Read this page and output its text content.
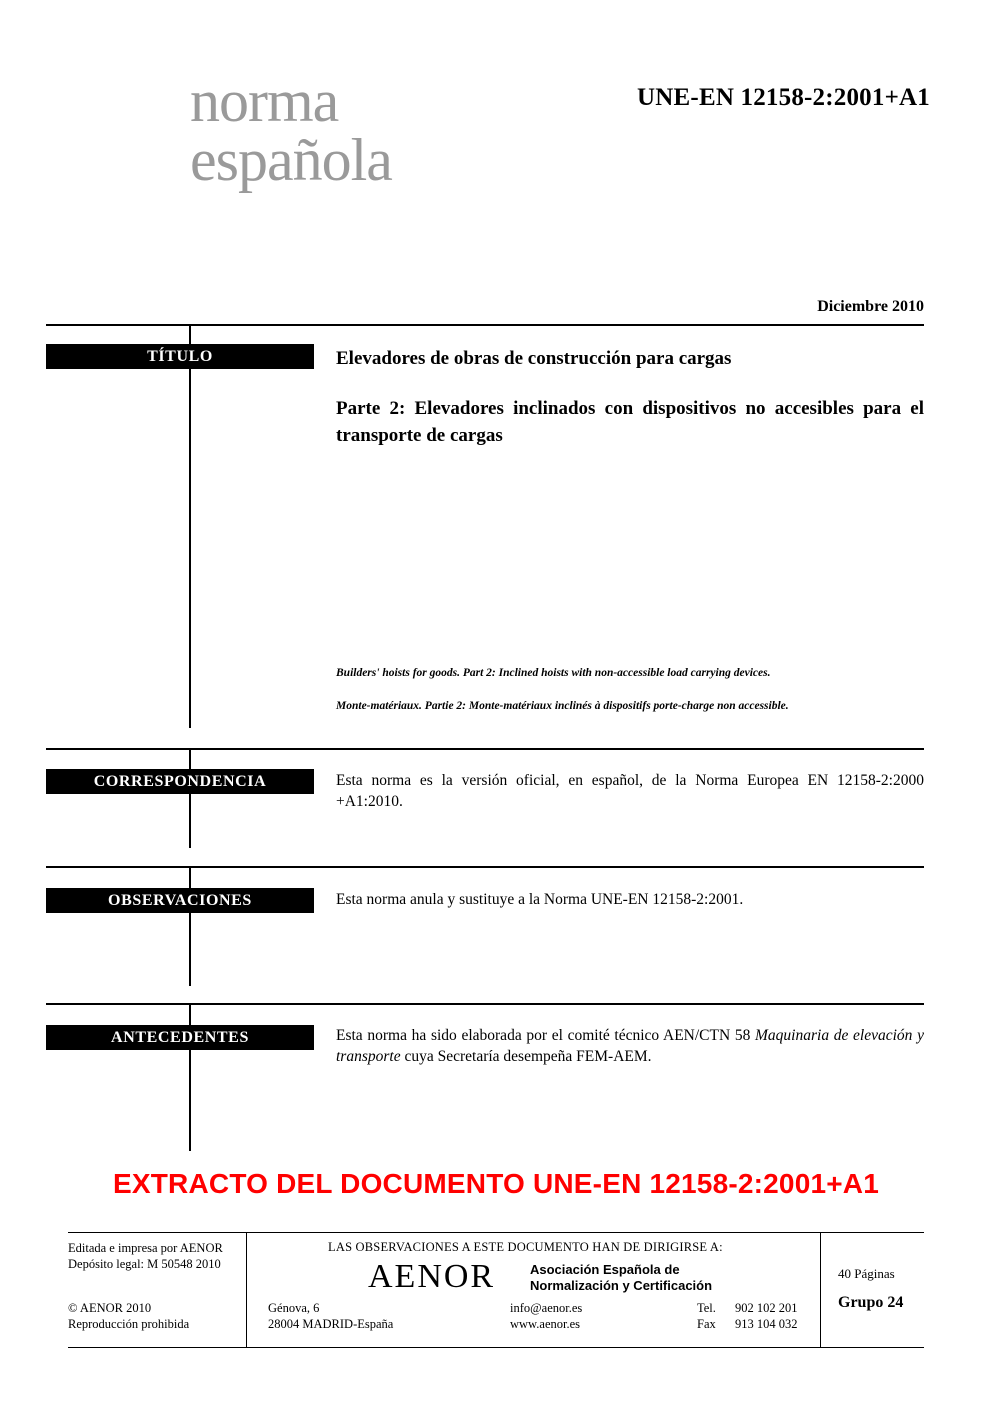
norma
española
UNE-EN 12158-2:2001+A1
Diciembre 2010
TÍTULO	Elevadores de obras de construcción para cargas
Parte 2: Elevadores inclinados con dispositivos no accesibles para el transporte de cargas
Builders' hoists for goods. Part 2: Inclined hoists with non-accessible load carrying devices.
Monte-matériaux. Partie 2: Monte-matériaux inclinés à dispositifs porte-charge non accessible.
CORRESPONDENCIA	Esta norma es la versión oficial, en español, de la Norma Europea EN 12158-2:2000 +A1:2010.
OBSERVACIONES	Esta norma anula y sustituye a la Norma UNE-EN 12158-2:2001.
ANTECEDENTES	Esta norma ha sido elaborada por el comité técnico AEN/CTN 58 Maquinaria de elevación y transporte cuya Secretaría desempeña FEM-AEM.
EXTRACTO DEL DOCUMENTO UNE-EN 12158-2:2001+A1
Editada e impresa por AENOR
Depósito legal: M 50548 2010
© AENOR 2010
Reproducción prohibida
LAS OBSERVACIONES A ESTE DOCUMENTO HAN DE DIRIGIRSE A:
AENOR	Asociación Española de
Normalización y Certificación
Génova, 6
28004 MADRID-España
info@aenor.es
www.aenor.es
Tel. 902 102 201
Fax 913 104 032
40 Páginas
Grupo 24
